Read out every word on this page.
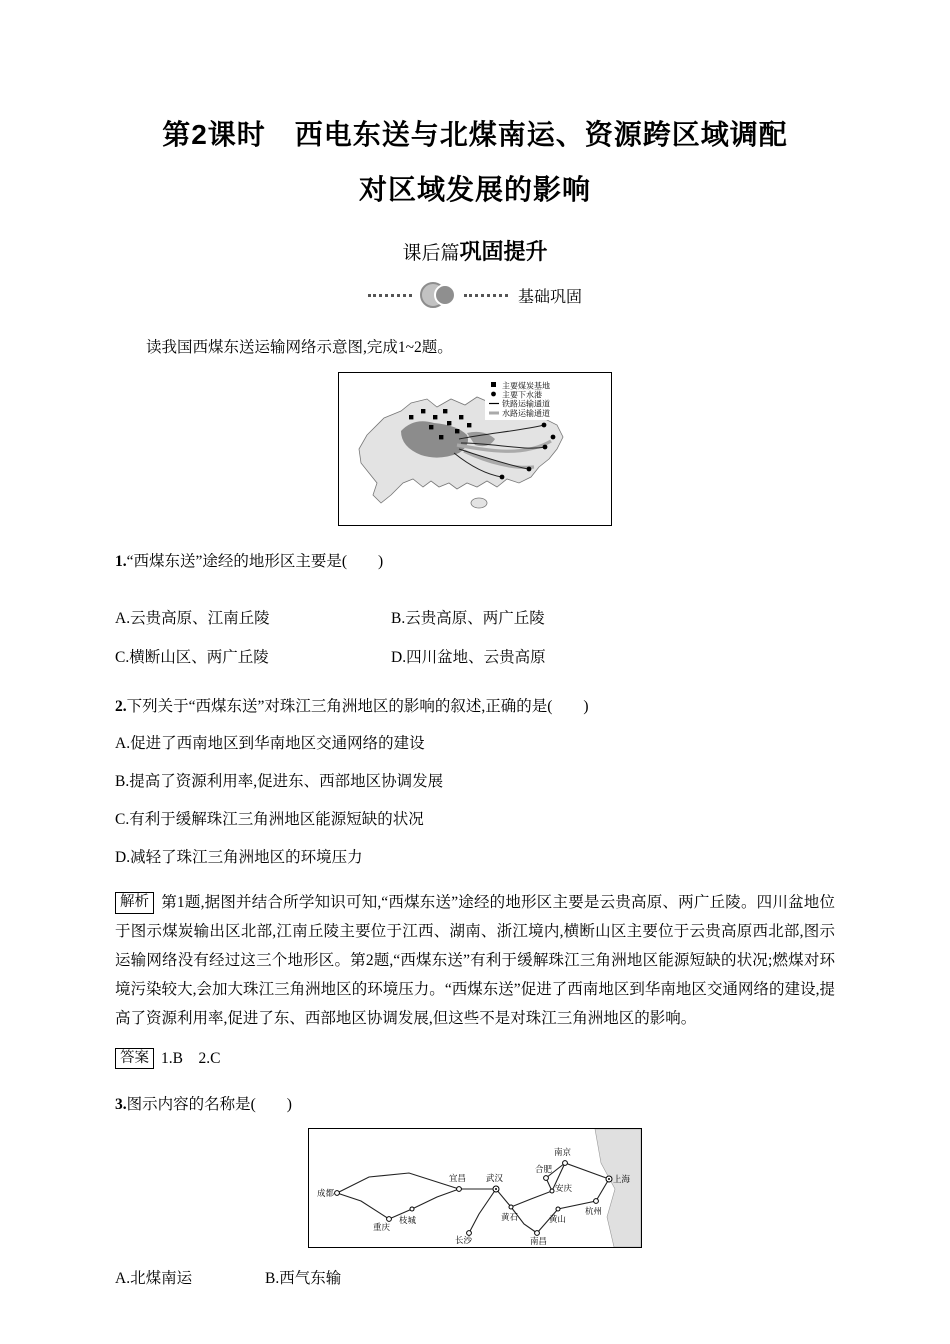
第2课时　西电东送与北煤南运、资源跨区域调配
对区域发展的影响
课后篇巩固提升
基础巩固

读我国西煤东送运输网络示意图,完成1~2题。

主要煤炭基地
主要下水港
铁路运输通道
水路运输通道

1.“西煤东送”途经的地形区主要是(　　)

A.云贵高原、江南丘陵	B.云贵高原、两广丘陵
C.横断山区、两广丘陵	D.四川盆地、云贵高原

2.下列关于“西煤东送”对珠江三角洲地区的影响的叙述,正确的是(　　)

A.促进了西南地区到华南地区交通网络的建设

B.提高了资源利用率,促进东、西部地区协调发展

C.有利于缓解珠江三角洲地区能源短缺的状况

D.减轻了珠江三角洲地区的环境压力

解析 第1题,据图并结合所学知识可知,“西煤东送”途经的地形区主要是云贵高原、两广丘陵。四川盆地位于图示煤炭输出区北部,江南丘陵主要位于江西、湖南、浙江境内,横断山区主要位于云贵高原西北部,图示运输网络没有经过这三个地形区。第2题,“西煤东送”有利于缓解珠江三角洲地区能源短缺的状况;燃煤对环境污染较大,会加大珠江三角洲地区的环境压力。“西煤东送”促进了西南地区到华南地区交通网络的建设,提高了资源利用率,促进了东、西部地区协调发展,但这些不是对珠江三角洲地区的影响。

答案 1.B　2.C

3.图示内容的名称是(　　)

成都
重庆
枝城
宜昌 武汉
黄石
长沙	南昌
合肥
安庆
南京
黄山
杭州
上海
A.北煤南运	B.西气东输
